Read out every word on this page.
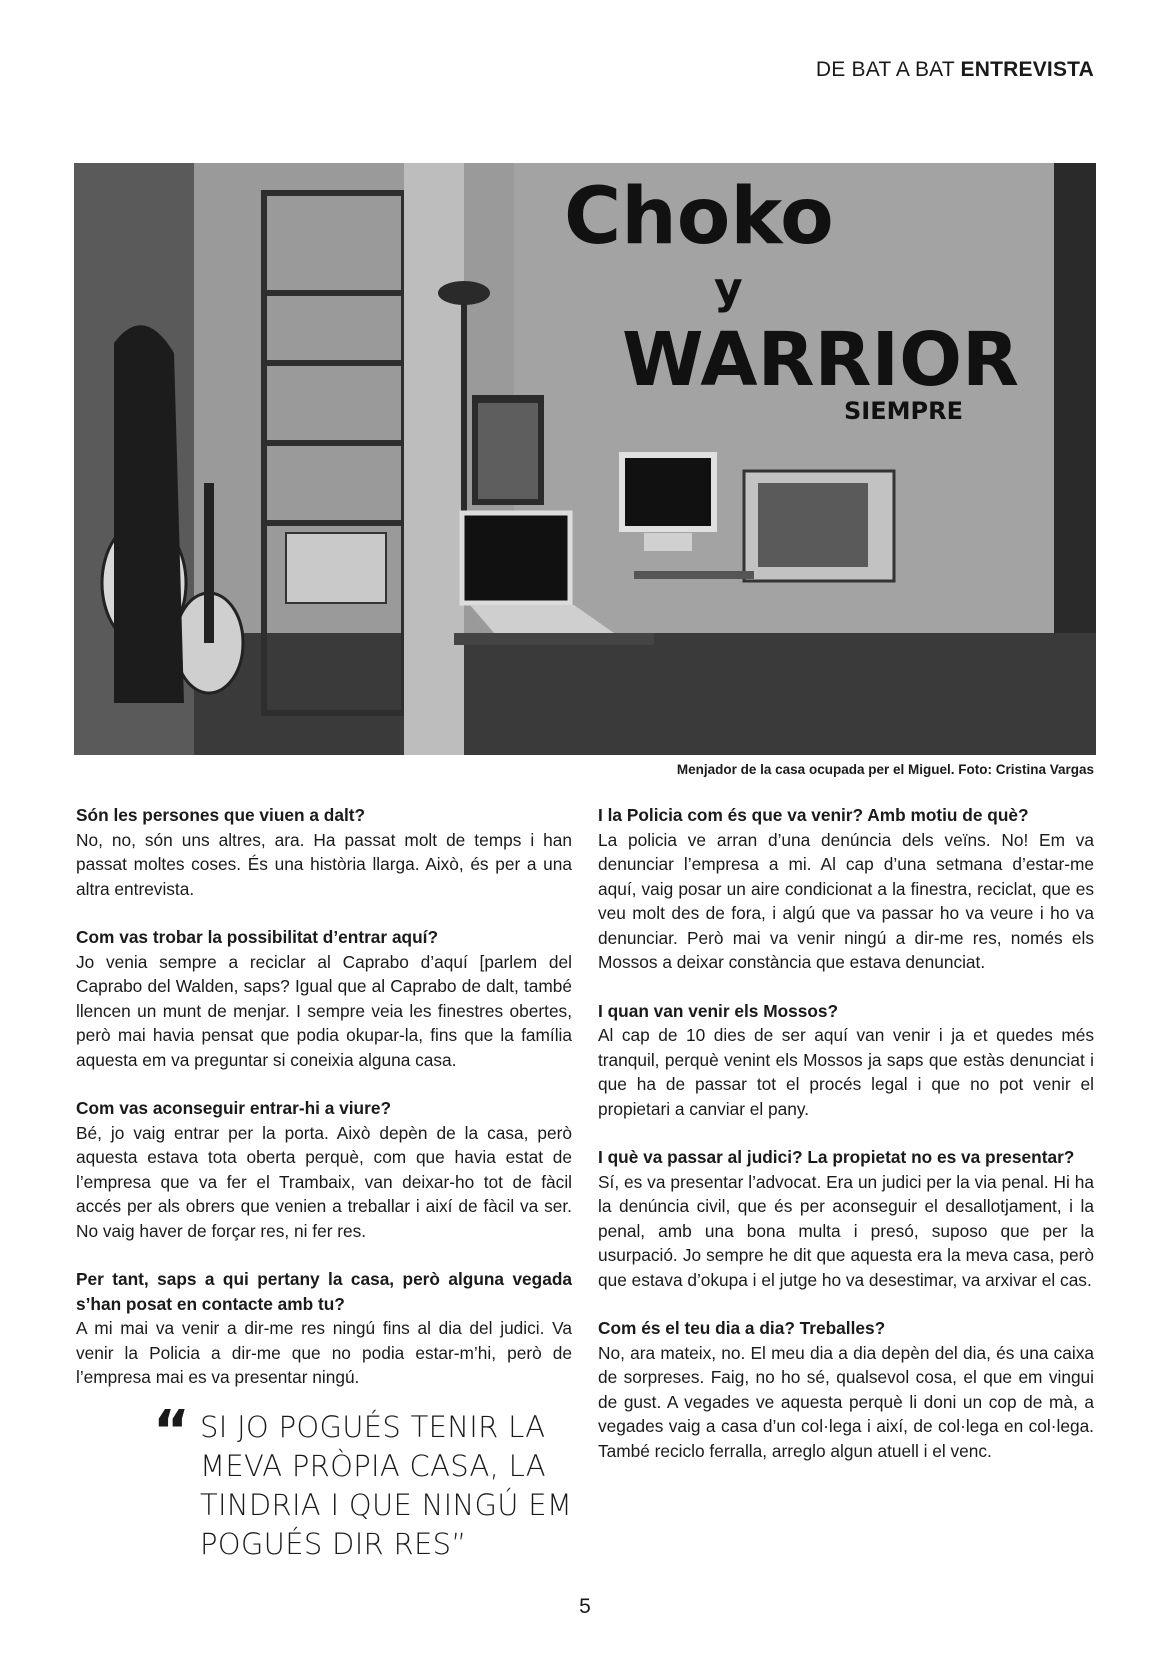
DE BAT A BAT ENTREVISTA
Choko
y
WARRIOR
SIEMPRE
Menjador de la casa ocupada per el Miguel. Foto: Cristina Vargas
Són les persones que viuen a dalt?
No, no, són uns altres, ara. Ha passat molt de temps i han passat moltes coses. És una història llarga. Això, és per a una altra entrevista.
Com vas trobar la possibilitat d’entrar aquí?
Jo venia sempre a reciclar al Caprabo d’aquí [parlem del Caprabo del Walden, saps? Igual que al Caprabo de dalt, també llencen un munt de menjar. I sempre veia les finestres obertes, però mai havia pensat que podia okupar-la, fins que la família aquesta em va preguntar si coneixia alguna casa.
Com vas aconseguir entrar-hi a viure?
Bé, jo vaig entrar per la porta. Això depèn de la casa, però aquesta estava tota oberta perquè, com que havia estat de l’empresa que va fer el Trambaix, van deixar-ho tot de fàcil accés per als obrers que venien a treballar i així de fàcil va ser. No vaig haver de forçar res, ni fer res.
Per tant, saps a qui pertany la casa, però alguna vegada s’han posat en contacte amb tu?
A mi mai va venir a dir-me res ningú fins al dia del judici. Va venir la Policia a dir-me que no podia estar-m’hi, però de l’empresa mai es va presentar ningú.
“ SI JO POGUÉS TENIR LA MEVA PRÒPIA CASA, LA TINDRIA I QUE NINGÚ EM POGUÉS DIR RES”
I la Policia com és que va venir? Amb motiu de què?
La policia ve arran d’una denúncia dels veïns. No! Em va denunciar l’empresa a mi. Al cap d’una setmana d’estar-me aquí, vaig posar un aire condicionat a la finestra, reciclat, que es veu molt des de fora, i algú que va passar ho va veure i ho va denunciar. Però mai va venir ningú a dir-me res, només els Mossos a deixar constància que estava denunciat.
I quan van venir els Mossos?
Al cap de 10 dies de ser aquí van venir i ja et quedes més tranquil, perquè venint els Mossos ja saps que estàs denunciat i que ha de passar tot el procés legal i que no pot venir el propietari a canviar el pany.
I què va passar al judici? La propietat no es va presentar?
Sí, es va presentar l’advocat. Era un judici per la via penal. Hi ha la denúncia civil, que és per aconseguir el desallotjament, i la penal, amb una bona multa i presó, suposo que per la usurpació. Jo sempre he dit que aquesta era la meva casa, però que estava d’okupa i el jutge ho va desestimar, va arxivar el cas.
Com és el teu dia a dia? Treballes?
No, ara mateix, no. El meu dia a dia depèn del dia, és una caixa de sorpreses. Faig, no ho sé, qualsevol cosa, el que em vingui de gust. A vegades ve aquesta perquè li doni un cop de mà, a vegades vaig a casa d’un col·lega i així, de col·lega en col·lega. També reciclo ferralla, arreglo algun atuell i el venc.
5
